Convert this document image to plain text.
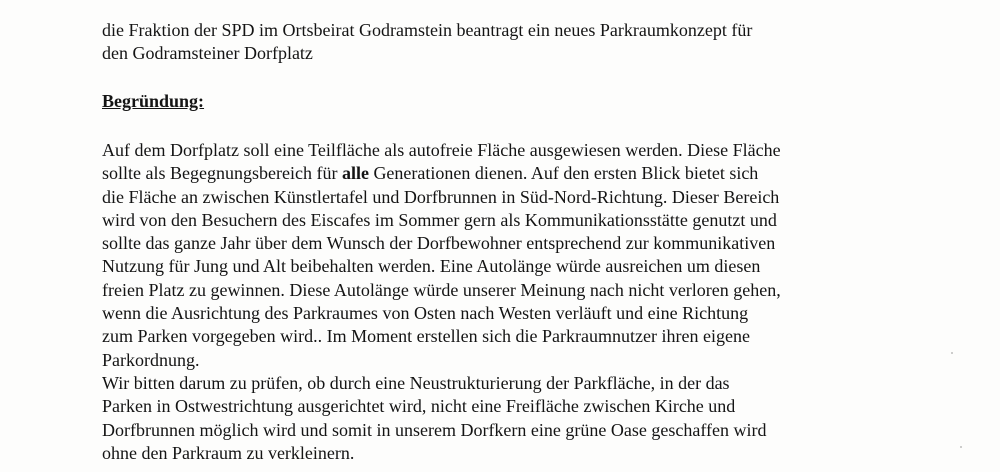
die Fraktion der SPD im Ortsbeirat Godramstein beantragt ein neues Parkraumkonzept für
den Godramsteiner Dorfplatz
Begründung:
Auf dem Dorfplatz soll eine Teilfläche als autofreie Fläche ausgewiesen werden. Diese Fläche
sollte als Begegnungsbereich für alle Generationen dienen. Auf den ersten Blick bietet sich
die Fläche an zwischen Künstlertafel und Dorfbrunnen in Süd-Nord-Richtung. Dieser Bereich
wird von den Besuchern des Eiscafes im Sommer gern als Kommunikationsstätte genutzt und
sollte das ganze Jahr über dem Wunsch der Dorfbewohner entsprechend zur kommunikativen
Nutzung für Jung und Alt beibehalten werden. Eine Autolänge würde ausreichen um diesen
freien Platz zu gewinnen. Diese Autolänge würde unserer Meinung nach nicht verloren gehen,
wenn die Ausrichtung des Parkraumes von Osten nach Westen verläuft und eine Richtung
zum Parken vorgegeben wird.. Im Moment erstellen sich die Parkraumnutzer ihren eigene
Parkordnung.
Wir bitten darum zu prüfen, ob durch eine Neustrukturierung der Parkfläche, in der das
Parken in Ostwestrichtung ausgerichtet wird, nicht eine Freifläche zwischen Kirche und
Dorfbrunnen möglich wird und somit in unserem Dorfkern eine grüne Oase geschaffen wird
ohne den Parkraum zu verkleinern.
